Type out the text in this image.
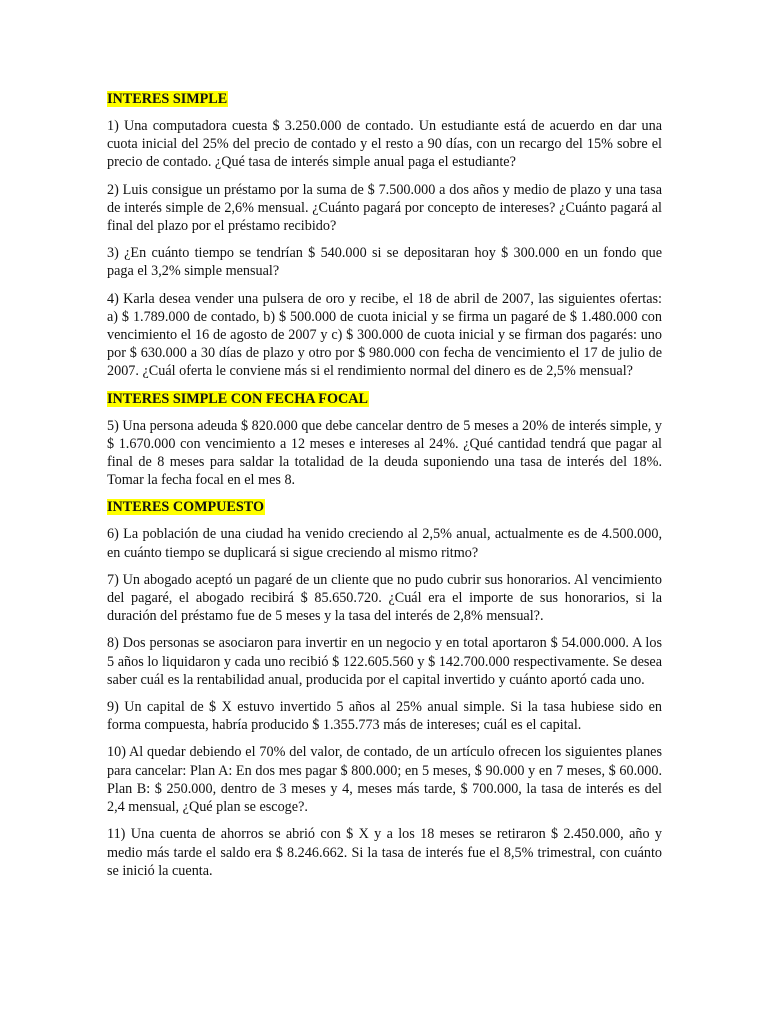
INTERES SIMPLE

1) Una computadora cuesta $ 3.250.000 de contado. Un estudiante está de acuerdo en dar una cuota inicial del 25% del precio de contado y el resto a 90 días, con un recargo del 15% sobre el precio de contado. ¿Qué tasa de interés simple anual paga el estudiante?

2) Luis consigue un préstamo por la suma de $ 7.500.000 a dos años y medio de plazo y una tasa de interés simple de 2,6% mensual. ¿Cuánto pagará por concepto de intereses? ¿Cuánto pagará al final del plazo por el préstamo recibido?

3) ¿En cuánto tiempo se tendrían $ 540.000 si se depositaran hoy $ 300.000 en un fondo que paga el 3,2% simple mensual?

4) Karla desea vender una pulsera de oro y recibe, el 18 de abril de 2007, las siguientes ofertas: a) $ 1.789.000 de contado, b) $ 500.000 de cuota inicial y se firma un pagaré de $ 1.480.000 con vencimiento el 16 de agosto de 2007 y c) $ 300.000 de cuota inicial y se firman dos pagarés: uno por $ 630.000 a 30 días de plazo y otro por $ 980.000 con fecha de vencimiento el 17 de julio de 2007. ¿Cuál oferta le conviene más si el rendimiento normal del dinero es de 2,5% mensual?

INTERES SIMPLE CON FECHA FOCAL

5) Una persona adeuda $ 820.000 que debe cancelar dentro de 5 meses a 20% de interés simple, y $ 1.670.000 con vencimiento a 12 meses e intereses al 24%. ¿Qué cantidad tendrá que pagar al final de 8 meses para saldar la totalidad de la deuda suponiendo una tasa de interés del 18%. Tomar la fecha focal en el mes 8.

INTERES COMPUESTO

6) La población de una ciudad ha venido creciendo al 2,5% anual, actualmente es de 4.500.000, en cuánto tiempo se duplicará si sigue creciendo al mismo ritmo?

7) Un abogado aceptó un pagaré de un cliente que no pudo cubrir sus honorarios. Al vencimiento del pagaré, el abogado recibirá $ 85.650.720. ¿Cuál era el importe de sus honorarios, si la duración del préstamo fue de 5 meses y la tasa del interés de 2,8% mensual?.

8) Dos personas se asociaron para invertir en un negocio y en total aportaron $ 54.000.000. A los 5 años lo liquidaron y cada uno recibió $ 122.605.560 y $ 142.700.000 respectivamente. Se desea saber cuál es la rentabilidad anual, producida por el capital invertido y cuánto aportó cada uno.

9) Un capital de $ X estuvo invertido 5 años al 25% anual simple. Si la tasa hubiese sido en forma compuesta, habría producido $ 1.355.773 más de intereses; cuál es el capital.

10) Al quedar debiendo el 70% del valor, de contado, de un artículo ofrecen los siguientes planes para cancelar: Plan A: En dos mes pagar $ 800.000; en 5 meses, $ 90.000 y en 7 meses, $ 60.000. Plan B: $ 250.000, dentro de 3 meses y 4, meses más tarde, $ 700.000, la tasa de interés es del 2,4 mensual, ¿Qué plan se escoge?.

11) Una cuenta de ahorros se abrió con $ X y a los 18 meses se retiraron $ 2.450.000, año y medio más tarde el saldo era $ 8.246.662. Si la tasa de interés fue el 8,5% trimestral, con cuánto se inició la cuenta.
